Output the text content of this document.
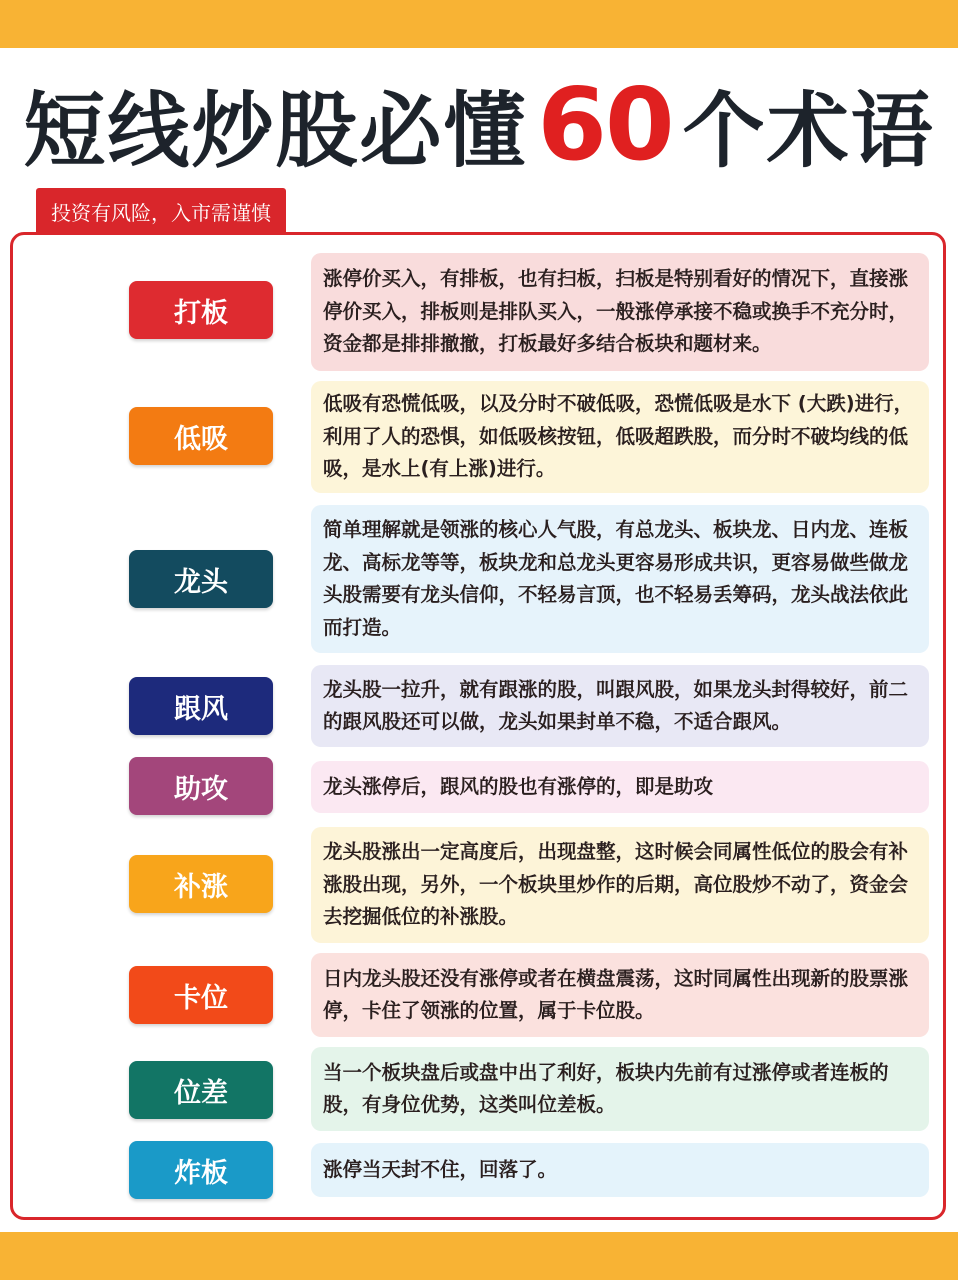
短线炒股必懂 60 个术语
投资有风险，入市需谨慎
打板
涨停价买入，有排板，也有扫板，扫板是特别看好的情况下，直接涨停价买入，排板则是排队买入，一般涨停承接不稳或换手不充分时，资金都是排排撤撤，打板最好多结合板块和题材来。
低吸
低吸有恐慌低吸，以及分时不破低吸，恐慌低吸是水下 (大跌)进行，利用了人的恐惧，如低吸核按钮，低吸超跌股，而分时不破均线的低吸，是水上(有上涨)进行。
龙头
简单理解就是领涨的核心人气股，有总龙头、板块龙、日内龙、连板龙、高标龙等等，板块龙和总龙头更容易形成共识，更容易做些做龙头股需要有龙头信仰，不轻易言顶，也不轻易丢筹码，龙头战法依此而打造。
跟风
龙头股一拉升，就有跟涨的股，叫跟风股，如果龙头封得较好，前二的跟风股还可以做，龙头如果封单不稳，不适合跟风。
助攻	龙头涨停后，跟风的股也有涨停的，即是助攻
补涨
龙头股涨出一定高度后，出现盘整，这时候会同属性低位的股会有补涨股出现，另外，一个板块里炒作的后期，高位股炒不动了，资金会去挖掘低位的补涨股。
卡位
日内龙头股还没有涨停或者在横盘震荡，这时同属性出现新的股票涨停，卡住了领涨的位置，属于卡位股。
位差
当一个板块盘后或盘中出了利好，板块内先前有过涨停或者连板的股，有身位优势，这类叫位差板。
炸板	涨停当天封不住，回落了。
